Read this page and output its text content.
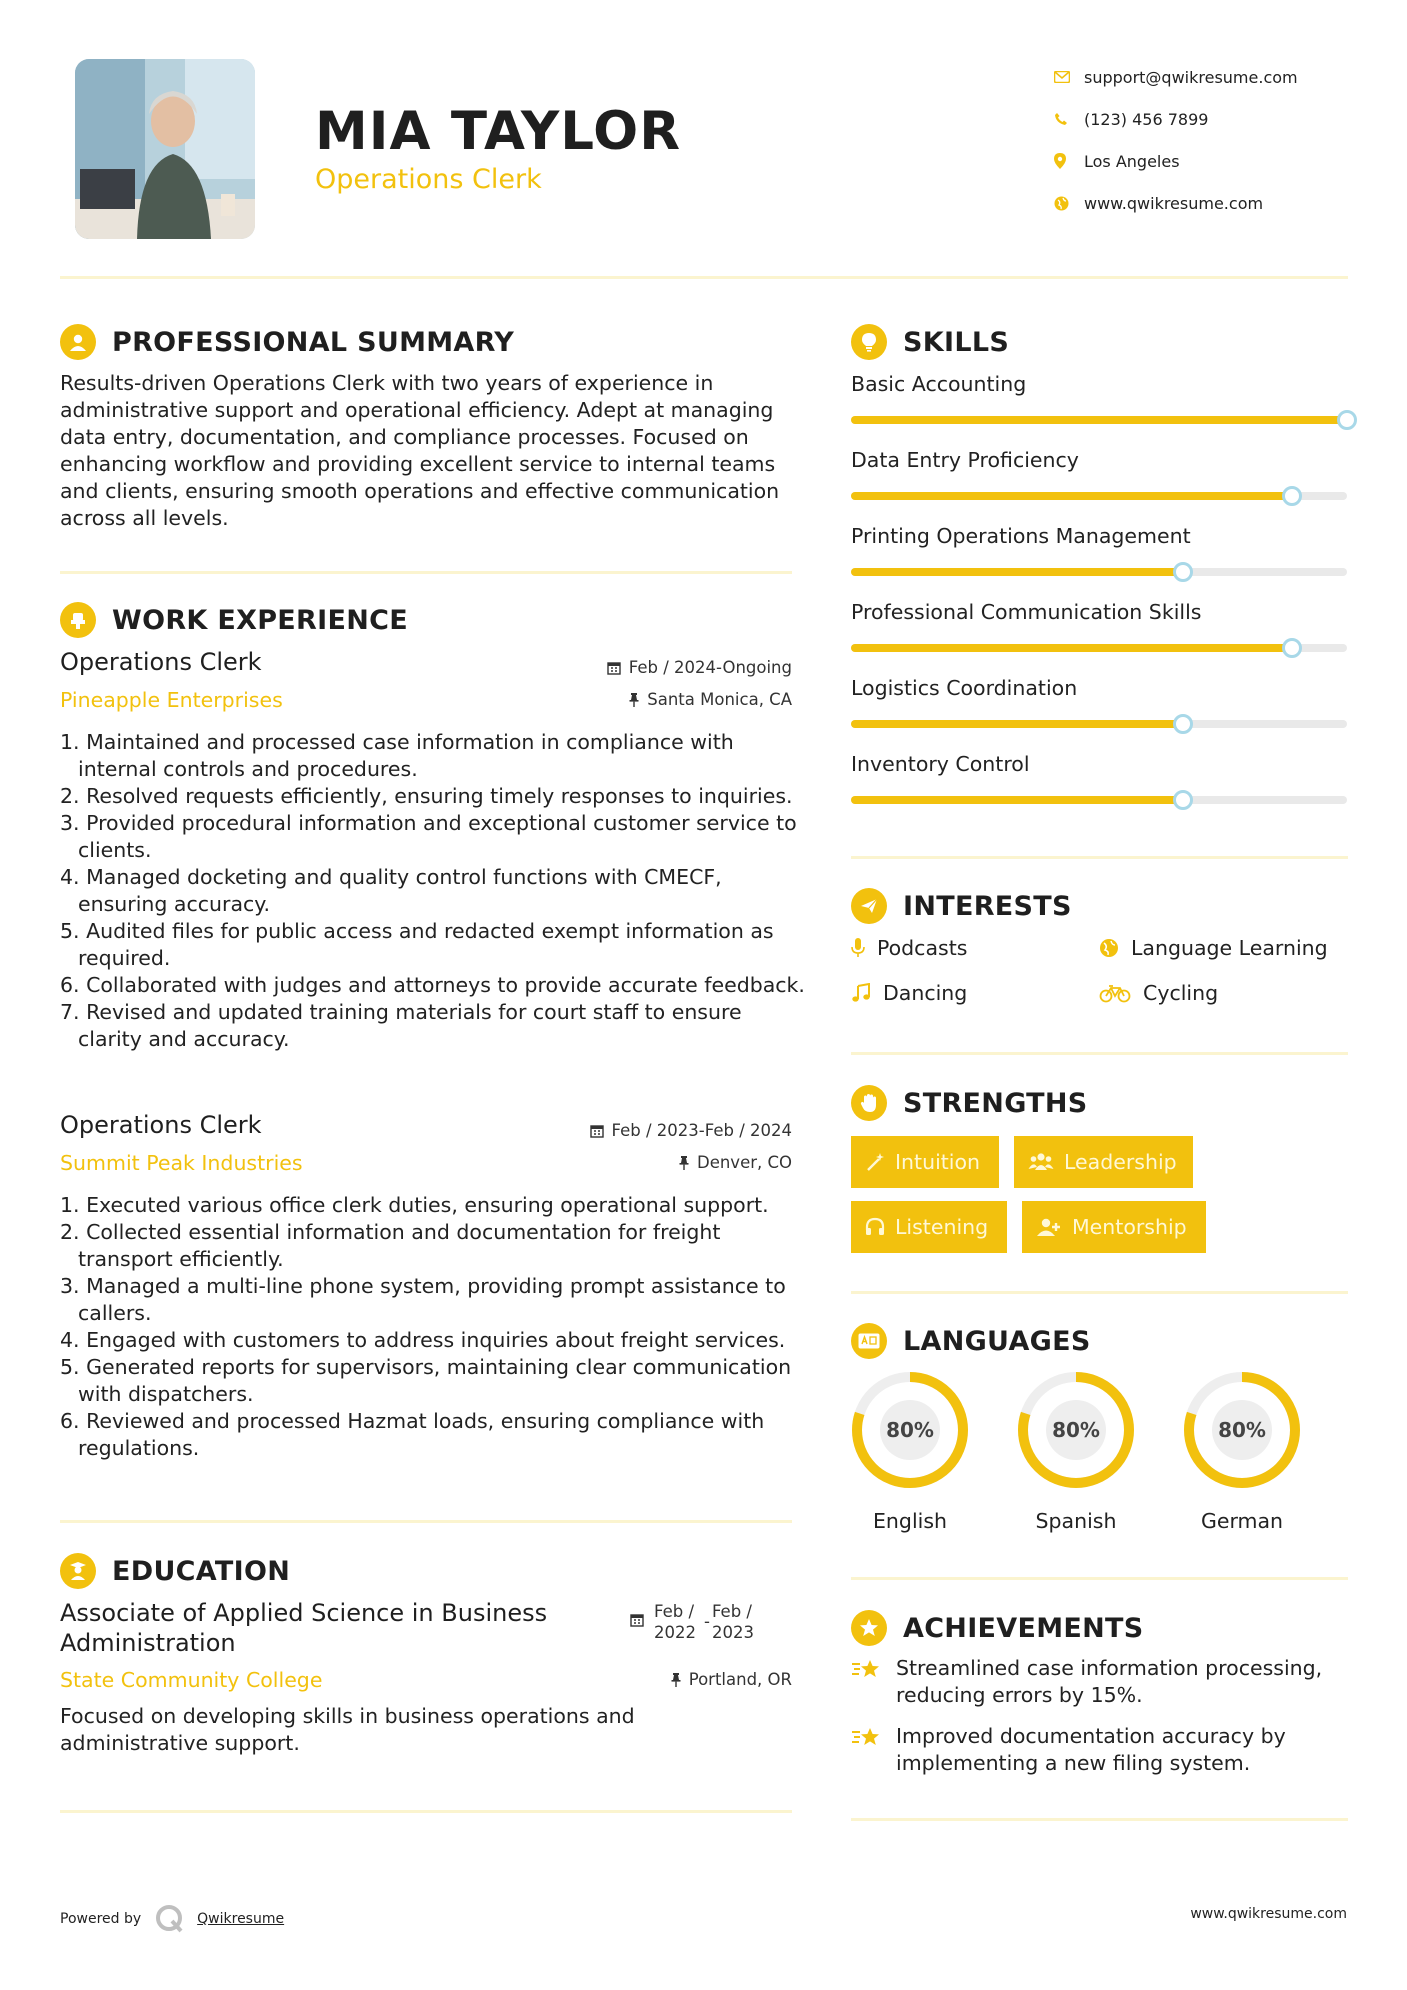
MIA TAYLOR
Operations Clerk
support@qwikresume.com
(123) 456 7899
Los Angeles
www.qwikresume.com
PROFESSIONAL SUMMARY
Results-driven Operations Clerk with two years of experience in administrative support and operational efficiency. Adept at managing data entry, documentation, and compliance processes. Focused on enhancing workflow and providing excellent service to internal teams and clients, ensuring smooth operations and effective communication across all levels.
WORK EXPERIENCE
Operations Clerk	Feb / 2024-Ongoing
Pineapple Enterprises	Santa Monica, CA
1. Maintained and processed case information in compliance with internal controls and procedures.
2. Resolved requests efficiently, ensuring timely responses to inquiries.
3. Provided procedural information and exceptional customer service to clients.
4. Managed docketing and quality control functions with CMECF, ensuring accuracy.
5. Audited files for public access and redacted exempt information as required.
6. Collaborated with judges and attorneys to provide accurate feedback.
7. Revised and updated training materials for court staff to ensure clarity and accuracy.
Operations Clerk	Feb / 2023-Feb / 2024
Summit Peak Industries	Denver, CO
1. Executed various office clerk duties, ensuring operational support.
2. Collected essential information and documentation for freight transport efficiently.
3. Managed a multi-line phone system, providing prompt assistance to callers.
4. Engaged with customers to address inquiries about freight services.
5. Generated reports for supervisors, maintaining clear communication with dispatchers.
6. Reviewed and processed Hazmat loads, ensuring compliance with regulations.
EDUCATION
Associate of Applied Science in Business Administration
Feb / 2022
-
Feb / 2023
State Community College	Portland, OR
Focused on developing skills in business operations and administrative support.
SKILLS
Basic Accounting
Data Entry Proficiency
Printing Operations Management
Professional Communication Skills
Logistics Coordination
Inventory Control
INTERESTS
Podcasts	Language Learning
Dancing	Cycling
STRENGTHS
Intuition	Leadership
Listening	Mentorship
LANGUAGES
80%
English
80%
Spanish
80%
German
ACHIEVEMENTS
Streamlined case information processing, reducing errors by 15%.
Improved documentation accuracy by implementing a new filing system.
Powered by	Qwikresume	www.qwikresume.com
